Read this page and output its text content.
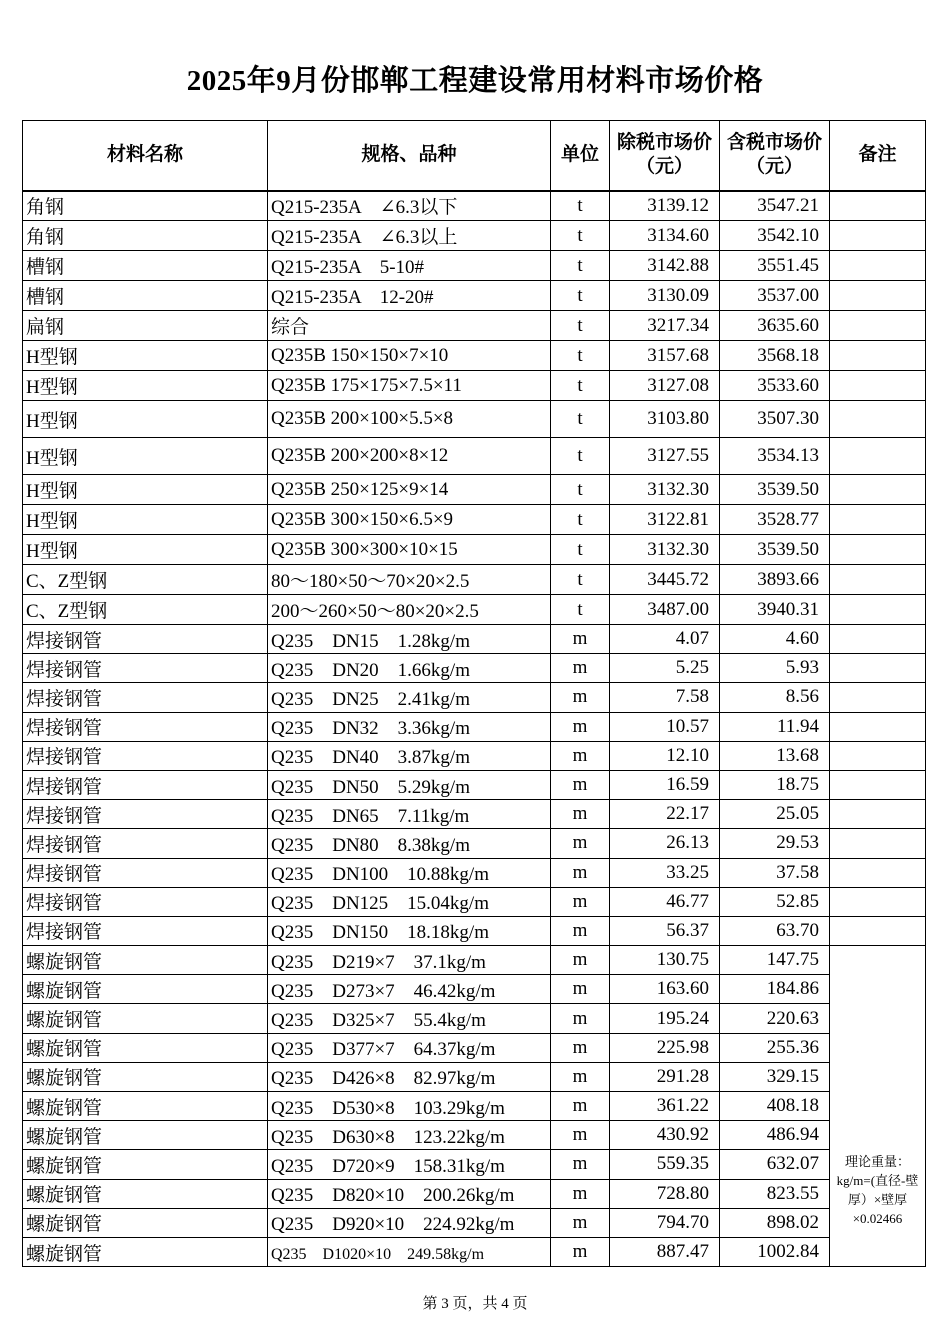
2025年9月份邯郸工程建设常用材料市场价格
材料名称	规格、品种	单位	除税市场价（元）	含税市场价（元）	备注
角钢	Q215-235A　∠6.3以下	t	3139.12	3547.21	
角钢	Q215-235A　∠6.3以上	t	3134.60	3542.10	
槽钢	Q215-235A　5-10#	t	3142.88	3551.45	
槽钢	Q215-235A　12-20#	t	3130.09	3537.00	
扁钢	综合	t	3217.34	3635.60	
H型钢	Q235B 150×150×7×10	t	3157.68	3568.18	
H型钢	Q235B 175×175×7.5×11	t	3127.08	3533.60	
H型钢	Q235B 200×100×5.5×8	t	3103.80	3507.30	
H型钢	Q235B 200×200×8×12	t	3127.55	3534.13	
H型钢	Q235B 250×125×9×14	t	3132.30	3539.50	
H型钢	Q235B 300×150×6.5×9	t	3122.81	3528.77	
H型钢	Q235B 300×300×10×15	t	3132.30	3539.50	
C、Z型钢	80～180×50～70×20×2.5	t	3445.72	3893.66	
C、Z型钢	200～260×50～80×20×2.5	t	3487.00	3940.31	
焊接钢管	Q235　DN15　1.28kg/m	m	4.07	4.60	
焊接钢管	Q235　DN20　1.66kg/m	m	5.25	5.93	
焊接钢管	Q235　DN25　2.41kg/m	m	7.58	8.56	
焊接钢管	Q235　DN32　3.36kg/m	m	10.57	11.94	
焊接钢管	Q235　DN40　3.87kg/m	m	12.10	13.68	
焊接钢管	Q235　DN50　5.29kg/m	m	16.59	18.75	
焊接钢管	Q235　DN65　7.11kg/m	m	22.17	25.05	
焊接钢管	Q235　DN80　8.38kg/m	m	26.13	29.53	
焊接钢管	Q235　DN100　10.88kg/m	m	33.25	37.58	
焊接钢管	Q235　DN125　15.04kg/m	m	46.77	52.85	
焊接钢管	Q235　DN150　18.18kg/m	m	56.37	63.70	
螺旋钢管	Q235　D219×7　37.1kg/m	m	130.75	147.75	理论重量：kg/m=(直径-壁厚）×壁厚×0.02466
螺旋钢管	Q235　D273×7　46.42kg/m	m	163.60	184.86	
螺旋钢管	Q235　D325×7　55.4kg/m	m	195.24	220.63	
螺旋钢管	Q235　D377×7　64.37kg/m	m	225.98	255.36	
螺旋钢管	Q235　D426×8　82.97kg/m	m	291.28	329.15	
螺旋钢管	Q235　D530×8　103.29kg/m	m	361.22	408.18	
螺旋钢管	Q235　D630×8　123.22kg/m	m	430.92	486.94	
螺旋钢管	Q235　D720×9　158.31kg/m	m	559.35	632.07	
螺旋钢管	Q235　D820×10　200.26kg/m	m	728.80	823.55	
螺旋钢管	Q235　D920×10　224.92kg/m	m	794.70	898.02	
螺旋钢管	Q235　D1020×10　249.58kg/m	m	887.47	1002.84	
第 3 页，共 4 页
